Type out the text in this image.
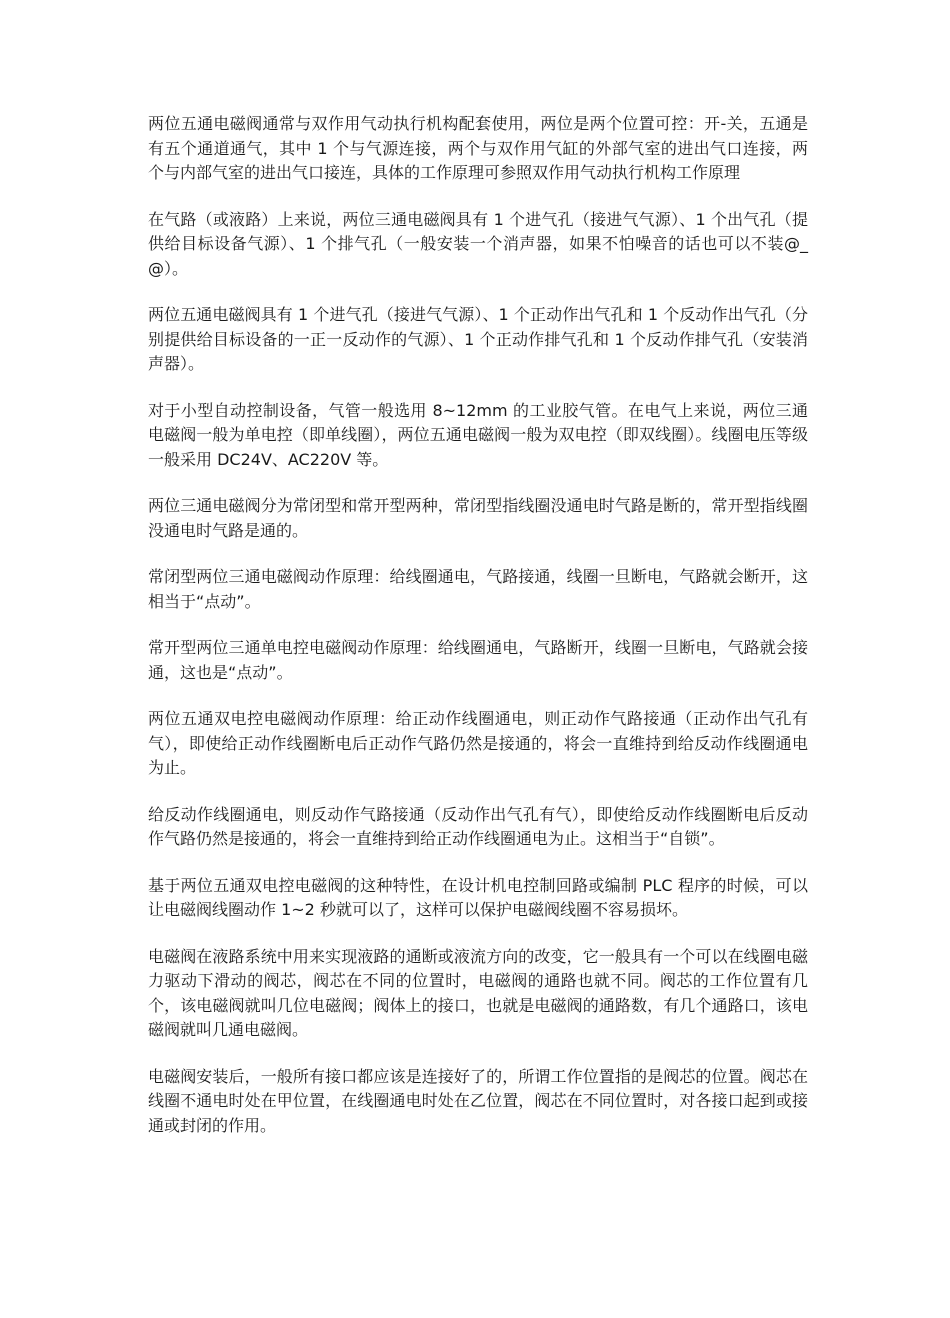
两位五通电磁阀通常与双作用气动执行机构配套使用，两位是两个位置可控：开-关，五通是有五个通道通气，其中 1 个与气源连接，两个与双作用气缸的外部气室的进出气口连接，两个与内部气室的进出气口接连，具体的工作原理可参照双作用气动执行机构工作原理

在气路（或液路）上来说，两位三通电磁阀具有 1 个进气孔（接进气气源）、1 个出气孔（提供给目标设备气源）、1 个排气孔（一般安装一个消声器，如果不怕噪音的话也可以不装@_@）。

两位五通电磁阀具有 1 个进气孔（接进气气源）、1 个正动作出气孔和 1 个反动作出气孔（分别提供给目标设备的一正一反动作的气源）、1 个正动作排气孔和 1 个反动作排气孔（安装消声器）。

对于小型自动控制设备，气管一般选用 8~12mm 的工业胶气管。在电气上来说，两位三通电磁阀一般为单电控（即单线圈），两位五通电磁阀一般为双电控（即双线圈）。线圈电压等级一般采用 DC24V、AC220V 等。

两位三通电磁阀分为常闭型和常开型两种，常闭型指线圈没通电时气路是断的，常开型指线圈没通电时气路是通的。

常闭型两位三通电磁阀动作原理：给线圈通电，气路接通，线圈一旦断电，气路就会断开，这相当于“点动”。

常开型两位三通单电控电磁阀动作原理：给线圈通电，气路断开，线圈一旦断电，气路就会接通，这也是“点动”。

两位五通双电控电磁阀动作原理：给正动作线圈通电，则正动作气路接通（正动作出气孔有气），即使给正动作线圈断电后正动作气路仍然是接通的，将会一直维持到给反动作线圈通电为止。

给反动作线圈通电，则反动作气路接通（反动作出气孔有气），即使给反动作线圈断电后反动作气路仍然是接通的，将会一直维持到给正动作线圈通电为止。这相当于“自锁”。

基于两位五通双电控电磁阀的这种特性，在设计机电控制回路或编制 PLC 程序的时候，可以让电磁阀线圈动作 1~2 秒就可以了，这样可以保护电磁阀线圈不容易损坏。

电磁阀在液路系统中用来实现液路的通断或液流方向的改变，它一般具有一个可以在线圈电磁力驱动下滑动的阀芯，阀芯在不同的位置时，电磁阀的通路也就不同。阀芯的工作位置有几个，该电磁阀就叫几位电磁阀；阀体上的接口，也就是电磁阀的通路数，有几个通路口，该电磁阀就叫几通电磁阀。

电磁阀安装后，一般所有接口都应该是连接好了的，所谓工作位置指的是阀芯的位置。阀芯在线圈不通电时处在甲位置，在线圈通电时处在乙位置，阀芯在不同位置时，对各接口起到或接通或封闭的作用。
